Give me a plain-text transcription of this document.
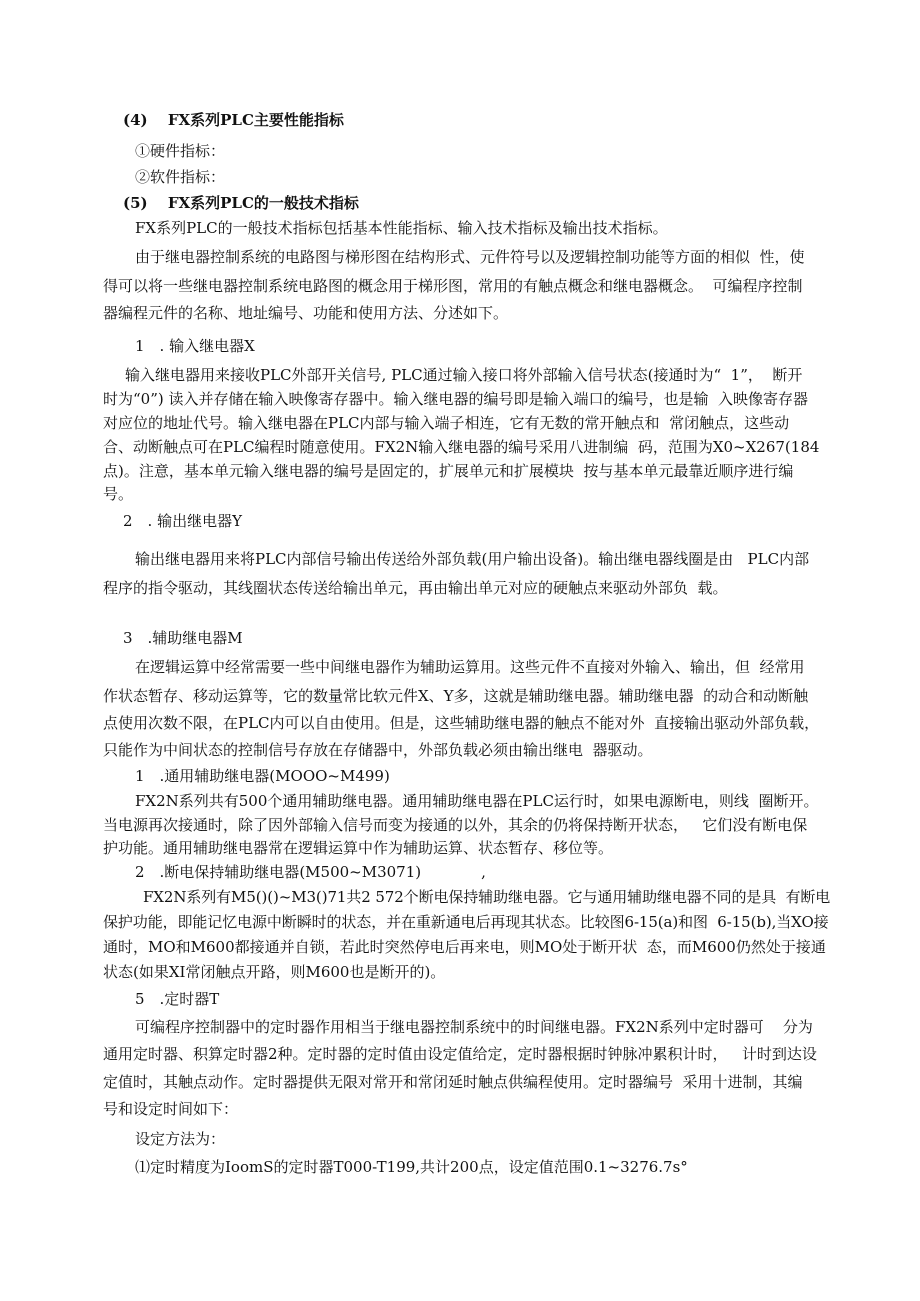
(4)　 FX系列PLC主要性能指标

①硬件指标：

②软件指标：

(5)　 FX系列PLC的一般技术指标

FX系列PLC的一般技术指标包括基本性能指标、输入技术指标及输出技术指标。

由于继电器控制系统的电路图与梯形图在结构形式、元件符号以及逻辑控制功能等方面的相似  性，使

得可以将一些继电器控制系统电路图的概念用于梯形图，常用的有触点概念和继电器概念。  可编程序控制

器编程元件的名称、地址编号、功能和使用方法、分述如下。

1　. 输入继电器X

输入继电器用来接收PLC外部开关信号, PLC通过输入接口将外部输入信号状态(接通时为“  1”，  断开

时为“0”) 读入并存储在输入映像寄存器中。输入继电器的编号即是输入端口的编号，也是输  入映像寄存器

对应位的地址代号。输入继电器在PLC内部与输入端子相连，它有无数的常开触点和  常闭触点，这些动

合、动断触点可在PLC编程时随意使用。FX2N输入继电器的编号采用八进制编  码，范围为X0~X267(184

点)。注意，基本单元输入继电器的编号是固定的，扩展单元和扩展模块  按与基本单元最靠近顺序进行编

号。

2　. 输出继电器Y

输出继电器用来将PLC内部信号输出传送给外部负载(用户输出设备)。输出继电器线圈是由   PLC内部

程序的指令驱动，其线圈状态传送给输出单元，再由输出单元对应的硬触点来驱动外部负  载。

3　.辅助继电器M

在逻辑运算中经常需要一些中间继电器作为辅助运算用。这些元件不直接对外输入、输出，但  经常用

作状态暂存、移动运算等，它的数量常比软元件X、Y多，这就是辅助继电器。辅助继电器  的动合和动断触

点使用次数不限，在PLC内可以自由使用。但是，这些辅助继电器的触点不能对外  直接输出驱动外部负载，

只能作为中间状态的控制信号存放在存储器中，外部负载必须由输出继电  器驱动。

1　.通用辅助继电器(MOOO~M499)

FX2N系列共有500个通用辅助继电器。通用辅助继电器在PLC运行时，如果电源断电，则线  圈断开。

当电源再次接通时，除了因外部输入信号而变为接通的以外，其余的仍将保持断开状态，   它们没有断电保

护功能。通用辅助继电器常在逻辑运算中作为辅助运算、状态暂存、移位等。

2　.断电保持辅助继电器(M500~M3071)　　　　,

FX2N系列有M5()()~M3()71共2 572个断电保持辅助继电器。它与通用辅助继电器不同的是具  有断电

保护功能，即能记忆电源中断瞬时的状态，并在重新通电后再现其状态。比较图6-15(a)和图  6-15(b),当XO接

通时，MO和M600都接通并自锁，若此时突然停电后再来电，则MO处于断开状  态，而M600仍然处于接通

状态(如果XI常闭触点开路，则M600也是断开的)。

5　.定时器T

可编程序控制器中的定时器作用相当于继电器控制系统中的时间继电器。FX2N系列中定时器可    分为

通用定时器、积算定时器2种。定时器的定时值由设定值给定，定时器根据时钟脉冲累积计时，   计时到达设

定值时，其触点动作。定时器提供无限对常开和常闭延时触点供编程使用。定时器编号  采用十进制，其编

号和设定时间如下：

设定方法为：

⑴定时精度为IoomS的定时器T000-T199,共计200点，设定值范围0.1~3276.7s°
